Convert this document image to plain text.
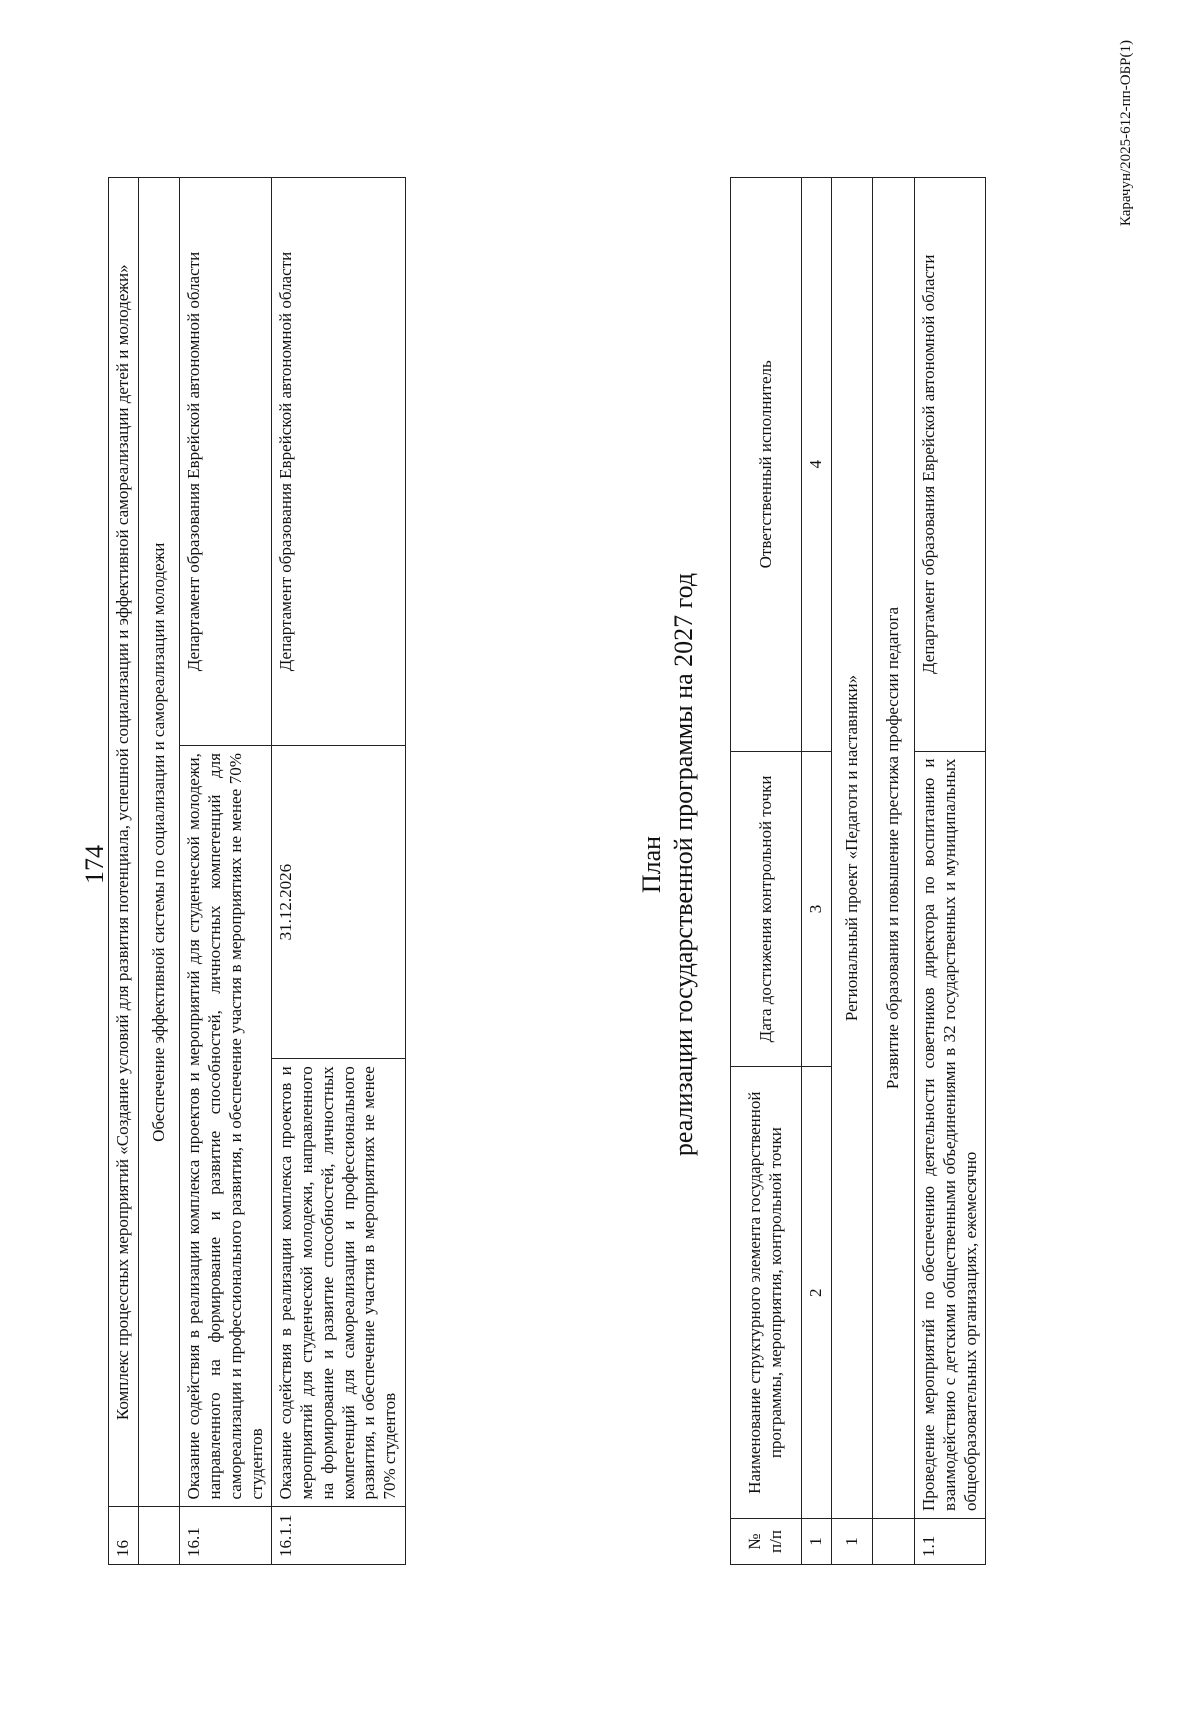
174
16	Комплекс процессных мероприятий «Создание условий для развития потенциала, успешной социализации и эффективной самореализации детей и молодежи»		
	Обеспечение эффективной системы по социализации и самореализации молодежи		
16.1	Оказание содействия в реализации комплекса проектов и мероприятий для студенческой молодежи, направленного на формирование и развитие способностей, личностных компетенций для самореализации и профессионального развития, и обеспечение участия в мероприятиях не менее 70% студентов		Департамент образования Еврейской автономной области
16.1.1	Оказание содействия в реализации комплекса проектов и мероприятий для студенческой молодежи, направленного на формирование и развитие способностей, личностных компетенций для самореализации и профессионального развития, и обеспечение участия в мероприятиях не менее 70% студентов	31.12.2026	Департамент образования Еврейской автономной области
План реализации государственной программы на 2027 год
№ п/п	Наименование структурного элемента государственной программы, мероприятия, контрольной точки	Дата достижения контрольной точки	Ответственный исполнитель
1	2	3	4
1	Региональный проект «Педагоги и наставники»		
	Развитие образования и повышение престижа профессии педагога		
1.1	Проведение мероприятий по обеспечению деятельности советников директора по воспитанию и взаимодействию с детскими общественными объединениями в 32 государственных и муниципальных общеобразовательных организациях, ежемесячно		Департамент образования Еврейской автономной области
Карачун/2025-612-пп-ОБР(1)
